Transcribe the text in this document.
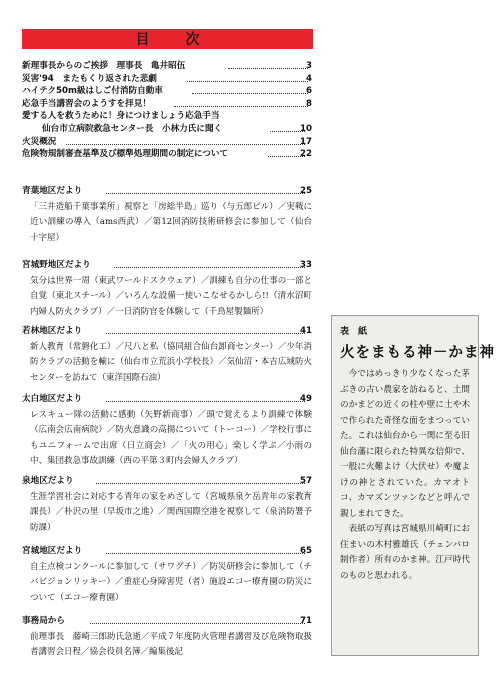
目次
新理事長からのご挨拶　理事長　亀井昭伍	3
災害'94　またもくり返された悲劇	4
ハイテク50m級はしご付消防自動車	6
応急手当講習会のようすを拝見！	8
愛する人を救うために！身につけましょう応急手当
仙台市立病院救急センター長　小林力氏に聞く	10
火災概況	17
危険物規制審査基準及び標準処理期間の制定について	22
青葉地区だより	25
「三井造船千葉事業所」視察と「房総半島」巡り（与五郎ビル）／実戦に近い訓練の導入（ams西武）／第12回消防技術研修会に参加して（仙台十字屋）
宮城野地区だより	33
気分は世界一周（東武ワールドスクウェア）／訓練も自分の仕事の一部と自覚（東北スチール）／いろんな設備一使いこなせるかしら!!（清水沼町内婦人防火クラブ）／一日消防官を体験して（千鳥屋製麺所）
若林地区だより	41
新人教育（常磐化工）／尺八と私（協同組合仙台卸商センター）／少年消防クラブの活動を輸に（仙台市立荒浜小学校長）／気仙沼・本吉広域防火センターを訪ねて（東洋国際石油）
太白地区だより	49
レスキュー隊の活動に感動（矢野新商事）／頭で覚えるより訓練で体験（広南会広南病院）／防火意識の高揚について（トーコー）／学校行事にもユニフォームで出席（日立商会）／「火の用心」楽しく学ぶ／小雨の中、集団救急事故訓練（西の平第３町内会婦人クラブ）
泉地区だより	57
生涯学習社会に対応する青年の家をめざして（宮城県泉ケ岳青年の家教育課長）／朴沢の里（早坂市之進）／関西国際空港を視察して（泉消防署予防課）
宮城地区だより	65
自主点検コンクールに参加して（サワグチ）／防災研修会に参加して（チバビジョンリッキー）／重症心身障害児（者）施設エコー療育園の防災について（エコー療育園）
事務局から	71
前理事長　藤崎三郎助氏急逝／平成７年度防火管理者講習及び危険物取扱者講習会日程／協会役員名簿／編集後記
表　紙
火をまもる神－かま神

今ではめっきり少なくなった茅ぶきの古い農家を訪ねると、土間のかまどの近くの柱や壁に土や木で作られた奇怪な面をまつっていた。これは仙台から一関に至る旧仙台藩に限られた特異な信仰で、一般に火難よけ（大伏せ）や魔よけの神とされていた。カマオトコ、カマズンツァンなどと呼んで親しまれてきた。

表紙の写真は宮城県川崎町にお住まいの木村雅雄氏（チェンバロ制作者）所有のかま神。江戸時代のものと思われる。
